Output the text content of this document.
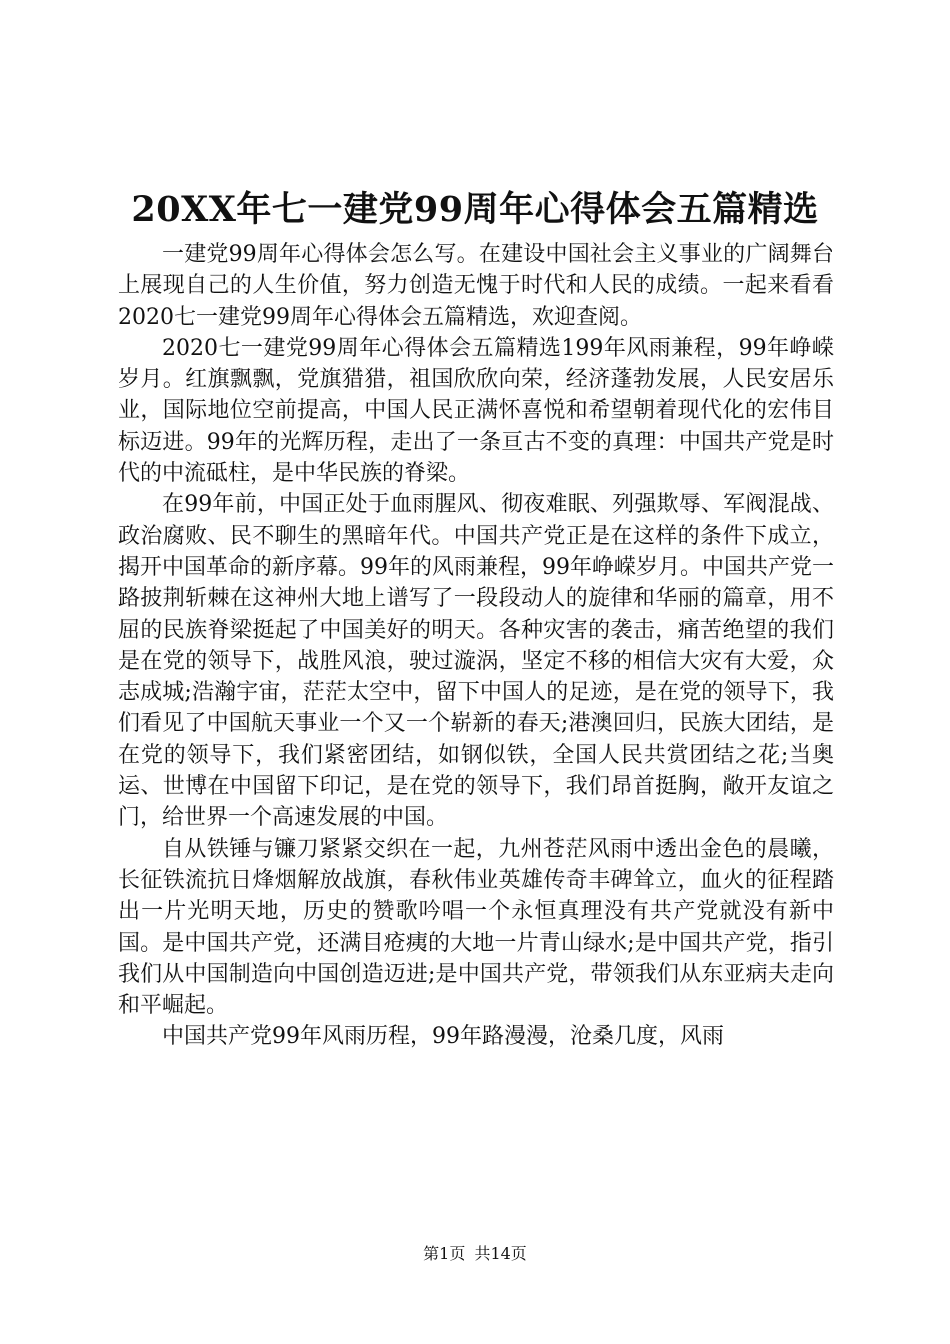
20XX年七一建党99周年心得体会五篇精选

一建党99周年心得体会怎么写。在建设中国社会主义事业的广阔舞台上展现自己的人生价值，努力创造无愧于时代和人民的成绩。一起来看看2020七一建党99周年心得体会五篇精选，欢迎查阅。

2020七一建党99周年心得体会五篇精选199年风雨兼程，99年峥嵘岁月。红旗飘飘，党旗猎猎，祖国欣欣向荣，经济蓬勃发展，人民安居乐业，国际地位空前提高，中国人民正满怀喜悦和希望朝着现代化的宏伟目标迈进。99年的光辉历程，走出了一条亘古不变的真理：中国共产党是时代的中流砥柱，是中华民族的脊梁。

在99年前，中国正处于血雨腥风、彻夜难眠、列强欺辱、军阀混战、政治腐败、民不聊生的黑暗年代。中国共产党正是在这样的条件下成立，揭开中国革命的新序幕。99年的风雨兼程，99年峥嵘岁月。中国共产党一路披荆斩棘在这神州大地上谱写了一段段动人的旋律和华丽的篇章，用不屈的民族脊梁挺起了中国美好的明天。各种灾害的袭击，痛苦绝望的我们是在党的领导下，战胜风浪，驶过漩涡，坚定不移的相信大灾有大爱，众志成城;浩瀚宇宙，茫茫太空中，留下中国人的足迹，是在党的领导下，我们看见了中国航天事业一个又一个崭新的春天;港澳回归，民族大团结，是在党的领导下，我们紧密团结，如钢似铁，全国人民共赏团结之花;当奥运、世博在中国留下印记，是在党的领导下，我们昂首挺胸，敞开友谊之门，给世界一个高速发展的中国。

自从铁锤与镰刀紧紧交织在一起，九州苍茫风雨中透出金色的晨曦，长征铁流抗日烽烟解放战旗，春秋伟业英雄传奇丰碑耸立，血火的征程踏出一片光明天地，历史的赞歌吟唱一个永恒真理没有共产党就没有新中国。是中国共产党，还满目疮痍的大地一片青山绿水;是中国共产党，指引我们从中国制造向中国创造迈进;是中国共产党，带领我们从东亚病夫走向和平崛起。

中国共产党99年风雨历程，99年路漫漫，沧桑几度，风雨

第1页 共14页
